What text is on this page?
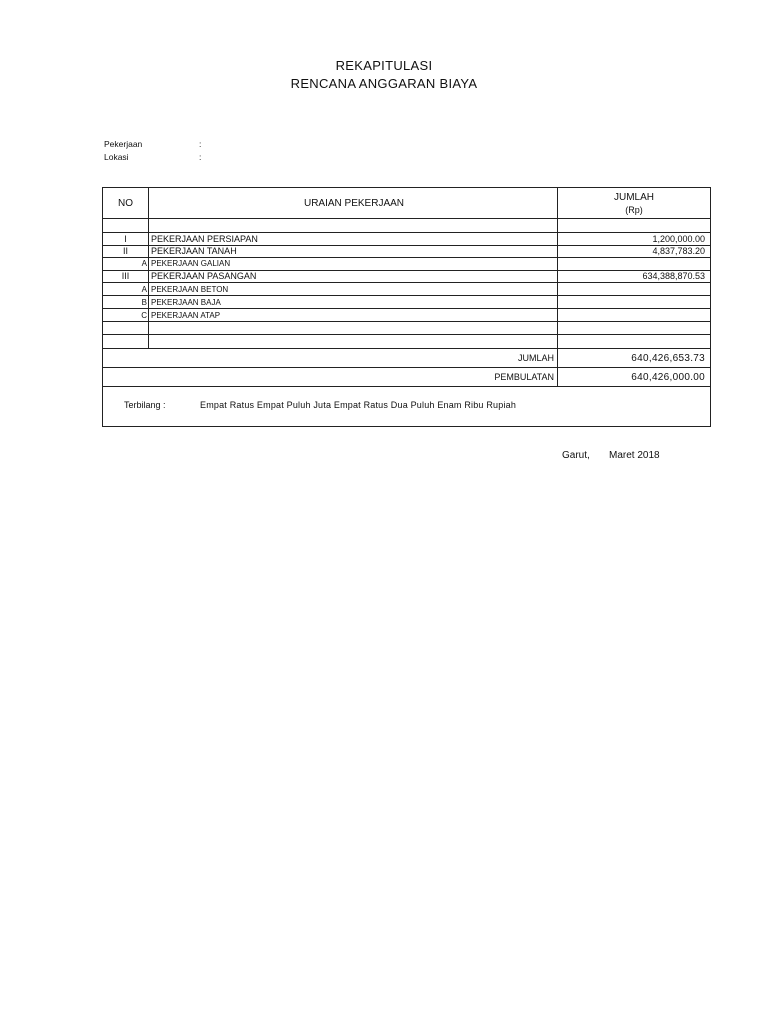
REKAPITULASI
RENCANA ANGGARAN BIAYA
Pekerjaan	:
Lokasi	:
NO	URAIAN PEKERJAAN
JUMLAH
(Rp)
I	PEKERJAAN PERSIAPAN	1,200,000.00
II	PEKERJAAN TANAH	4,837,783.20
A PEKERJAAN GALIAN
III	PEKERJAAN PASANGAN	634,388,870.53
A PEKERJAAN BETON
B PEKERJAAN BAJA
C PEKERJAAN ATAP
JUMLAH	640,426,653.73
PEMBULATAN	640,426,000.00
Terbilang :	Empat Ratus Empat Puluh Juta Empat Ratus Dua Puluh Enam Ribu Rupiah
Garut, Maret 2018
